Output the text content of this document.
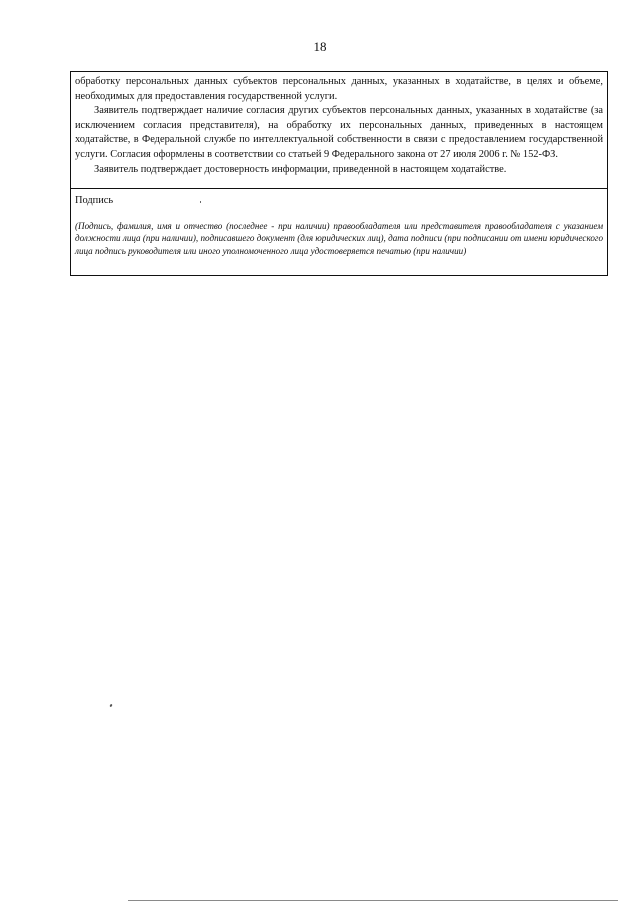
18

обработку персональных данных субъектов персональных данных, указанных в ходатайстве, в целях и объеме, необходимых для предоставления государственной услуги.

Заявитель подтверждает наличие согласия других субъектов персональных данных, указанных в ходатайстве (за исключением согласия представителя), на обработку их персональных данных, приведенных в настоящем ходатайстве, в Федеральной службе по интеллектуальной собственности в связи с предоставлением государственной услуги. Согласия оформлены в соответствии со статьей 9 Федерального закона от 27 июля 2006 г. № 152-ФЗ.

Заявитель подтверждает достоверность информации, приведенной в настоящем ходатайстве.

Подпись

(Подпись, фамилия, имя и отчество (последнее - при наличии) правообладателя или представителя правообладателя с указанием должности лица (при наличии), подписавшего документ (для юридических лиц), дата подписи (при подписании от имени юридического лица подпись руководителя или иного уполномоченного лица удостоверяется печатью (при наличии)
